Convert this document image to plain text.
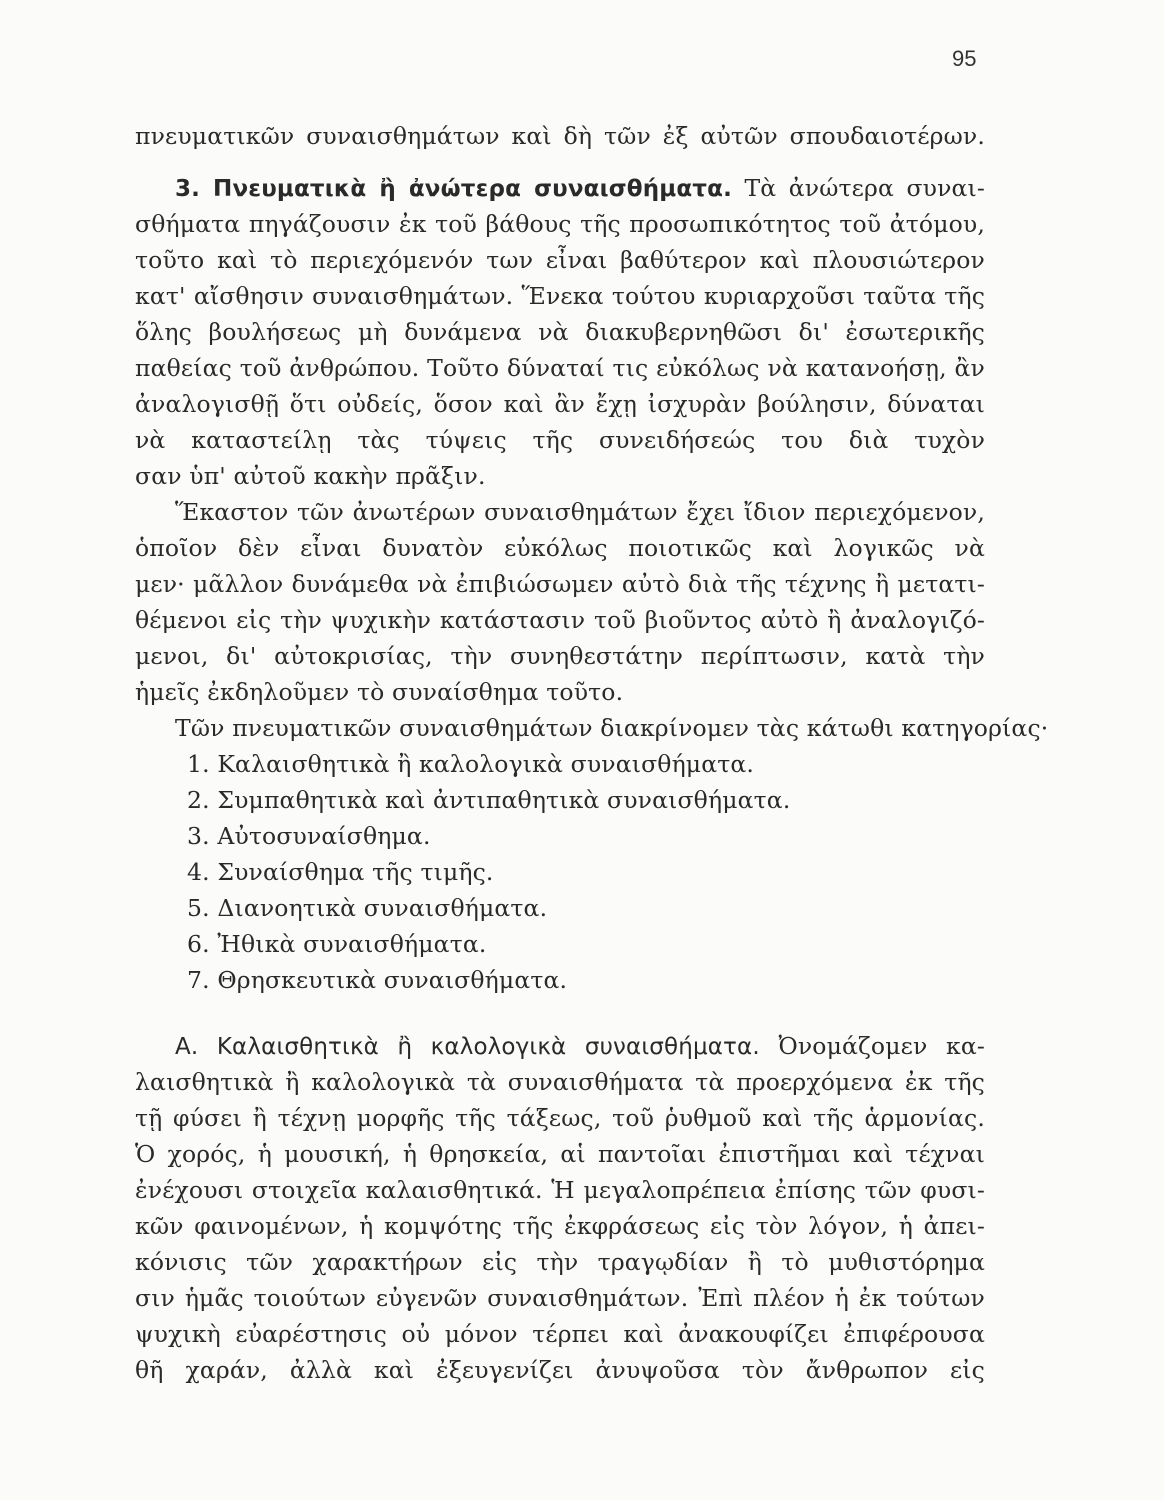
95
πνευματικῶν συναισθημάτων καὶ δὴ τῶν ἐξ αὐτῶν σπουδαιοτέρων.
3. Πνευματικὰ ἢ ἀνώτερα συναισθήματα. Τὰ ἀνώτερα συναι-
σθήματα πηγάζουσιν ἐκ τοῦ βάθους τῆς προσωπικότητος τοῦ ἀτόμου,
τοῦτο καὶ τὸ περιεχόμενόν των εἶναι βαθύτερον καὶ πλουσιώτερον
κατ' αἴσθησιν συναισθημάτων. Ἕνεκα τούτου κυριαρχοῦσι ταῦτα τῆς
ὅλης βουλήσεως μὴ δυνάμενα νὰ διακυβερνηθῶσι δι' ἐσωτερικῆς
παθείας τοῦ ἀνθρώπου. Τοῦτο δύναταί τις εὐκόλως νὰ κατανοήσῃ, ἂν
ἀναλογισθῇ ὅτι οὐδείς, ὅσον καὶ ἂν ἔχῃ ἰσχυρὰν βούλησιν, δύναται
νὰ καταστείλῃ τὰς τύψεις τῆς συνειδήσεώς του διὰ τυχὸν
σαν ὑπ' αὐτοῦ κακὴν πρᾶξιν.
Ἕκαστον τῶν ἀνωτέρων συναισθημάτων ἔχει ἴδιον περιεχόμενον,
ὁποῖον δὲν εἶναι δυνατὸν εὐκόλως ποιοτικῶς καὶ λογικῶς νὰ
μεν· μᾶλλον δυνάμεθα νὰ ἐπιβιώσωμεν αὐτὸ διὰ τῆς τέχνης ἢ μετατι-
θέμενοι εἰς τὴν ψυχικὴν κατάστασιν τοῦ βιοῦντος αὐτὸ ἢ ἀναλογιζό-
μενοι, δι' αὐτοκρισίας, τὴν συνηθεστάτην περίπτωσιν, κατὰ τὴν
ἡμεῖς ἐκδηλοῦμεν τὸ συναίσθημα τοῦτο.
Τῶν πνευματικῶν συναισθημάτων διακρίνομεν τὰς κάτωθι κατηγορίας·
1. Καλαισθητικὰ ἢ καλολογικὰ συναισθήματα.
2. Συμπαθητικὰ καὶ ἀντιπαθητικὰ συναισθήματα.
3. Αὐτοσυναίσθημα.
4. Συναίσθημα τῆς τιμῆς.
5. Διανοητικὰ συναισθήματα.
6. Ἠθικὰ συναισθήματα.
7. Θρησκευτικὰ συναισθήματα.
Α. Καλαισθητικὰ ἢ καλολογικὰ συναισθήματα. Ὀνομάζομεν κα-
λαισθητικὰ ἢ καλολογικὰ τὰ συναισθήματα τὰ προερχόμενα ἐκ τῆς
τῇ φύσει ἢ τέχνῃ μορφῆς τῆς τάξεως, τοῦ ῥυθμοῦ καὶ τῆς ἁρμονίας.
Ὁ χορός, ἡ μουσική, ἡ θρησκεία, αἱ παντοῖαι ἐπιστῆμαι καὶ τέχναι
ἐνέχουσι στοιχεῖα καλαισθητικά. Ἡ μεγαλοπρέπεια ἐπίσης τῶν φυσι-
κῶν φαινομένων, ἡ κομψότης τῆς ἐκφράσεως εἰς τὸν λόγον, ἡ ἀπει-
κόνισις τῶν χαρακτήρων εἰς τὴν τραγῳδίαν ἢ τὸ μυθιστόρημα
σιν ἡμᾶς τοιούτων εὐγενῶν συναισθημάτων. Ἐπὶ πλέον ἡ ἐκ τούτων
ψυχικὴ εὐαρέστησις οὐ μόνον τέρπει καὶ ἀνακουφίζει ἐπιφέρουσα
θῆ χαράν, ἀλλὰ καὶ ἐξευγενίζει ἀνυψοῦσα τὸν ἄνθρωπον εἰς
